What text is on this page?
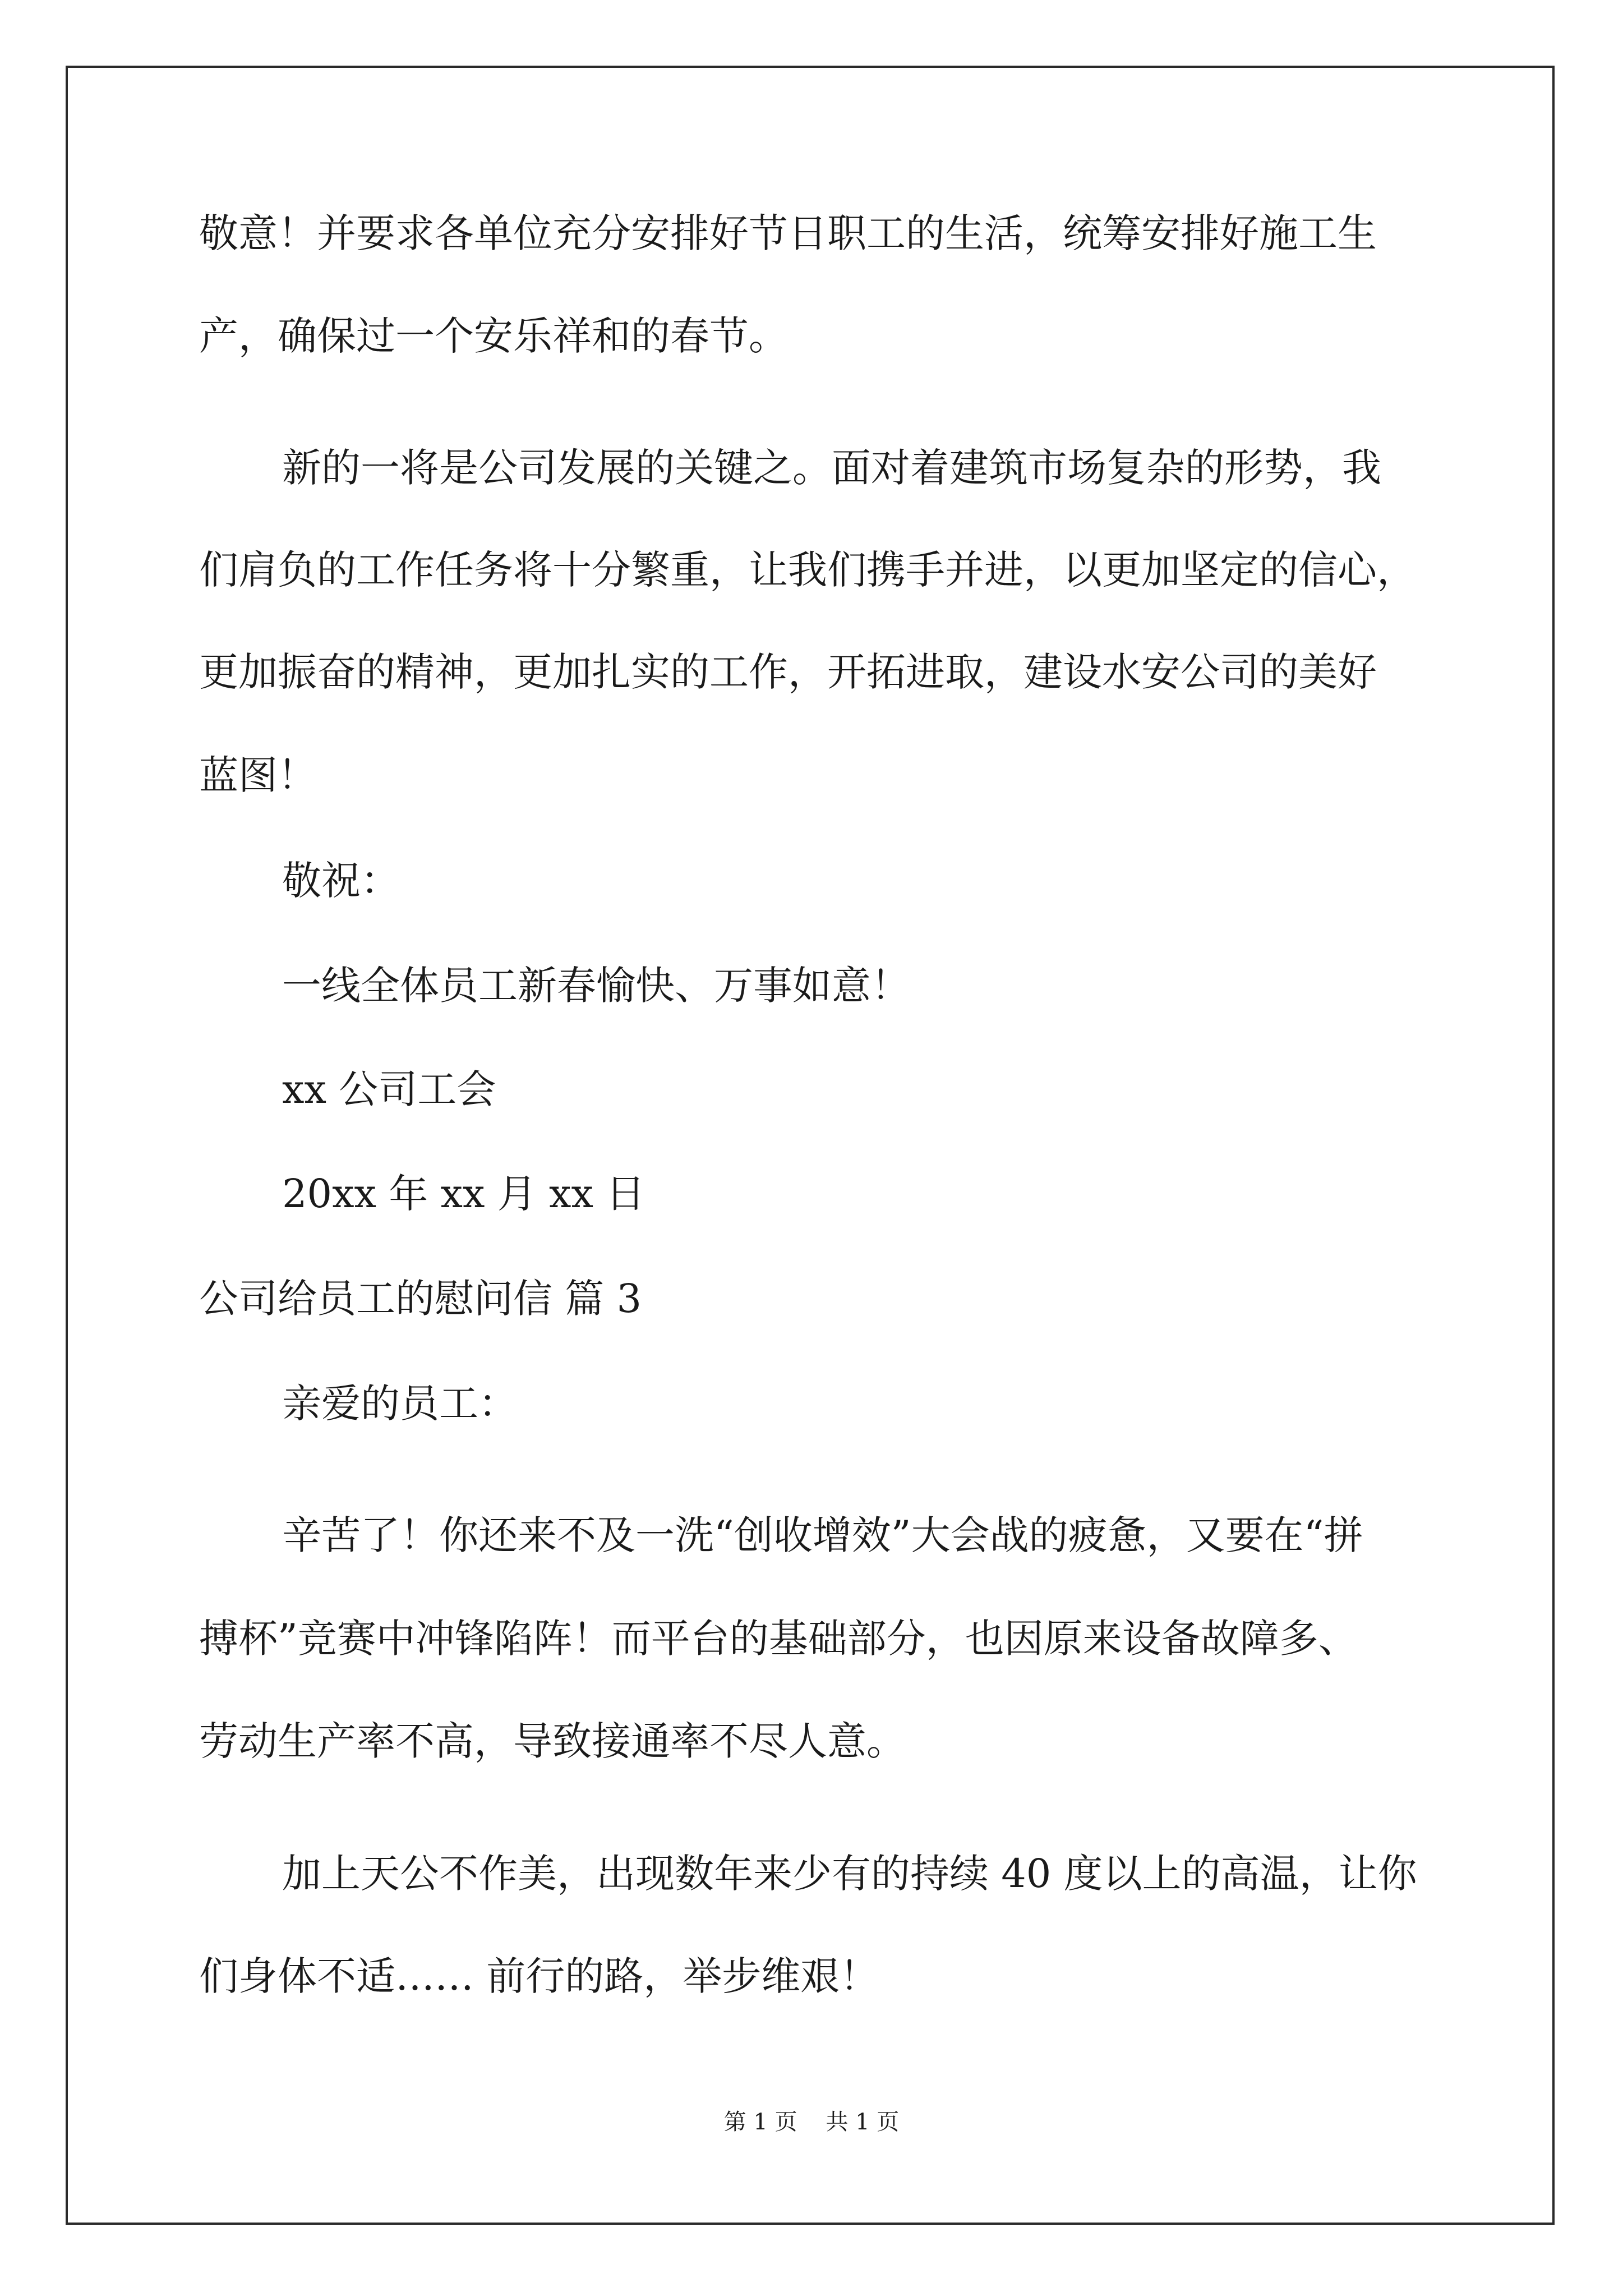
敬意！并要求各单位充分安排好节日职工的生活，统筹安排好施工生
产，确保过一个安乐祥和的春节。
新的一将是公司发展的关键之。面对着建筑市场复杂的形势，我
们肩负的工作任务将十分繁重，让我们携手并进，以更加坚定的信心，
更加振奋的精神，更加扎实的工作，开拓进取，建设水安公司的美好
蓝图！
敬祝：
一线全体员工新春愉快、万事如意！
xx 公司工会
20xx 年 xx 月 xx 日
公司给员工的慰问信 篇 3
亲爱的员工：
辛苦了！你还来不及一洗“创收增效”大会战的疲惫，又要在“拼
搏杯”竞赛中冲锋陷阵！而平台的基础部分，也因原来设备故障多、
劳动生产率不高，导致接通率不尽人意。
加上天公不作美，出现数年来少有的持续 40 度以上的高温，让你
们身体不适…… 前行的路，举步维艰！
第 1 页    共 1 页
